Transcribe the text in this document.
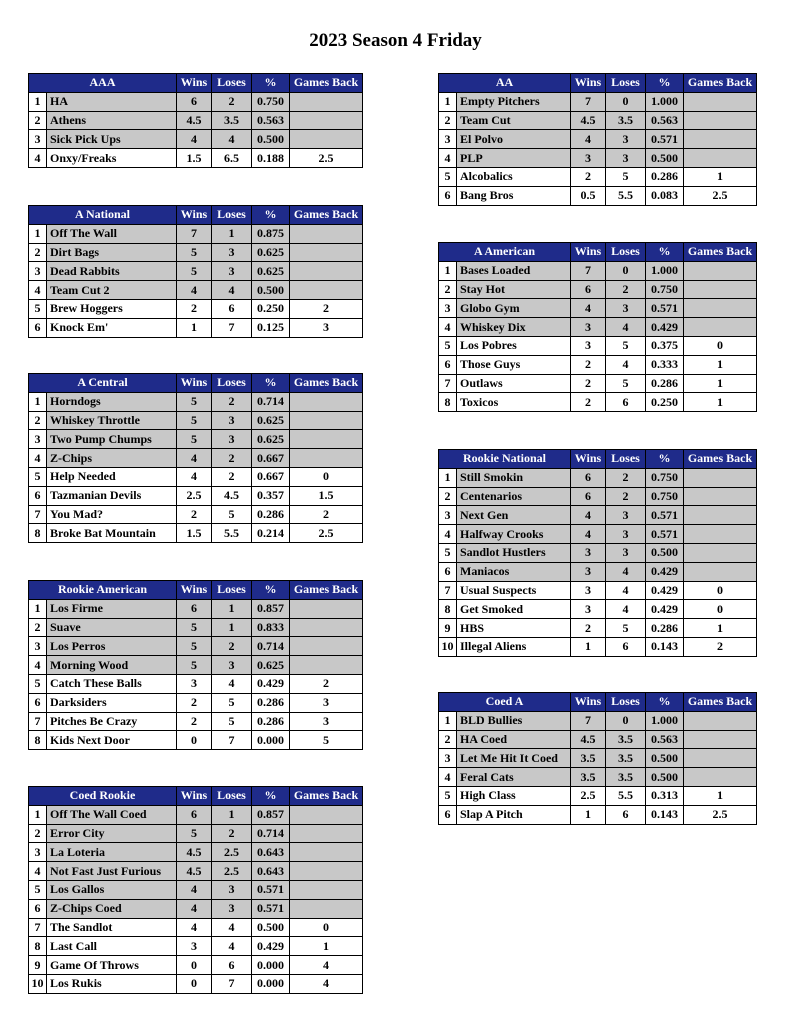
2023 Season 4 Friday
AAA		Wins	Loses	%	Games Back
1	HA	6	2	0.750	
2	Athens	4.5	3.5	0.563	
3	Sick Pick Ups	4	4	0.500	
4	Onxy/Freaks	1.5	6.5	0.188	2.5
AA		Wins	Loses	%	Games Back
1	Empty Pitchers	7	0	1.000	
2	Team Cut	4.5	3.5	0.563	
3	El Polvo	4	3	0.571	
4	PLP	3	3	0.500	
5	Alcobalics	2	5	0.286	1
6	Bang Bros	0.5	5.5	0.083	2.5
A National		Wins	Loses	%	Games Back
1	Off The Wall	7	1	0.875	
2	Dirt Bags	5	3	0.625	
3	Dead Rabbits	5	3	0.625	
4	Team Cut 2	4	4	0.500	
5	Brew Hoggers	2	6	0.250	2
6	Knock Em'	1	7	0.125	3
A American		Wins	Loses	%	Games Back
1	Bases Loaded	7	0	1.000	
2	Stay Hot	6	2	0.750	
3	Globo Gym	4	3	0.571	
4	Whiskey Dix	3	4	0.429	
5	Los Pobres	3	5	0.375	0
6	Those Guys	2	4	0.333	1
7	Outlaws	2	5	0.286	1
8	Toxicos	2	6	0.250	1
A Central		Wins	Loses	%	Games Back
1	Horndogs	5	2	0.714	
2	Whiskey Throttle	5	3	0.625	
3	Two Pump Chumps	5	3	0.625	
4	Z-Chips	4	2	0.667	
5	Help Needed	4	2	0.667	0
6	Tazmanian Devils	2.5	4.5	0.357	1.5
7	You Mad?	2	5	0.286	2
8	Broke Bat Mountain	1.5	5.5	0.214	2.5
Rookie National		Wins	Loses	%	Games Back
1	Still Smokin	6	2	0.750	
2	Centenarios	6	2	0.750	
3	Next Gen	4	3	0.571	
4	Halfway Crooks	4	3	0.571	
5	Sandlot Hustlers	3	3	0.500	
6	Maniacos	3	4	0.429	
7	Usual Suspects	3	4	0.429	0
8	Get Smoked	3	4	0.429	0
9	HBS	2	5	0.286	1
10	Illegal Aliens	1	6	0.143	2
Rookie American		Wins	Loses	%	Games Back
1	Los Firme	6	1	0.857	
2	Suave	5	1	0.833	
3	Los Perros	5	2	0.714	
4	Morning Wood	5	3	0.625	
5	Catch These Balls	3	4	0.429	2
6	Darksiders	2	5	0.286	3
7	Pitches Be Crazy	2	5	0.286	3
8	Kids Next Door	0	7	0.000	5
Coed A		Wins	Loses	%	Games Back
1	BLD Bullies	7	0	1.000	
2	HA Coed	4.5	3.5	0.563	
3	Let Me Hit It Coed	3.5	3.5	0.500	
4	Feral Cats	3.5	3.5	0.500	
5	High Class	2.5	5.5	0.313	1
6	Slap A Pitch	1	6	0.143	2.5
Coed Rookie		Wins	Loses	%	Games Back
1	Off The Wall Coed	6	1	0.857	
2	Error City	5	2	0.714	
3	La Loteria	4.5	2.5	0.643	
4	Not Fast Just Furious	4.5	2.5	0.643	
5	Los Gallos	4	3	0.571	
6	Z-Chips Coed	4	3	0.571	
7	The Sandlot	4	4	0.500	0
8	Last Call	3	4	0.429	1
9	Game Of Throws	0	6	0.000	4
10	Los Rukis	0	7	0.000	4
